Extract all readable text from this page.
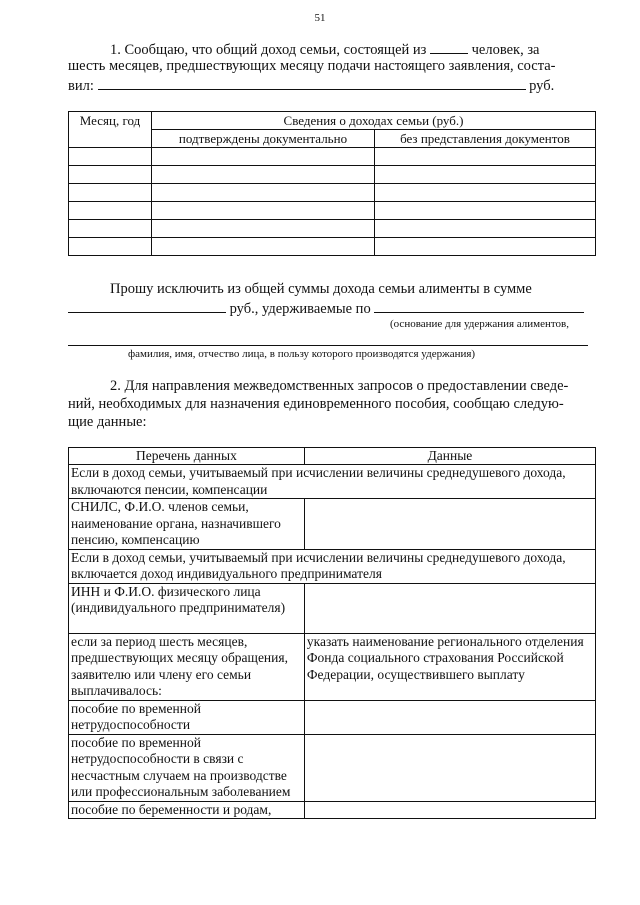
51
1. Сообщаю, что общий доход семьи, состоящей из	человек, за
шесть месяцев, предшествующих месяцу подачи настоящего заявления, соста-
вил:	руб.
Месяц, год	Сведения о доходах семьи (руб.)	
	подтверждены документально	без представления документов

Прошу исключить из общей суммы дохода семьи алименты в сумме
руб., удерживаемые по
(основание для удержания алиментов,
фамилия, имя, отчество лица, в пользу которого производятся удержания)
2. Для направления межведомственных запросов о предоставлении сведе-
ний, необходимых для назначения единовременного пособия, сообщаю следую-
щие данные:
Перечень данных	Данные
Если в доход семьи, учитываемый при исчислении величины среднедушевого дохода, включаются пенсии, компенсации	
СНИЛС, Ф.И.О. членов семьи, наименование органа, назначившего пенсию, компенсацию	
Если в доход семьи, учитываемый при исчислении величины среднедушевого дохода, включается доход индивидуального предпринимателя	
ИНН и Ф.И.О. физического лица (индивидуального предпринимателя)	
если за период шесть месяцев, предшествующих месяцу обращения, заявителю или члену его семьи выплачивалось:	указать наименование регионального отделения Фонда социального страхования Российской Федерации, осуществившего выплату
пособие по временной нетрудоспособности	
пособие по временной нетрудоспособности в связи с несчастным случаем на производстве или профессиональным заболеванием	
пособие по беременности и родам,	
